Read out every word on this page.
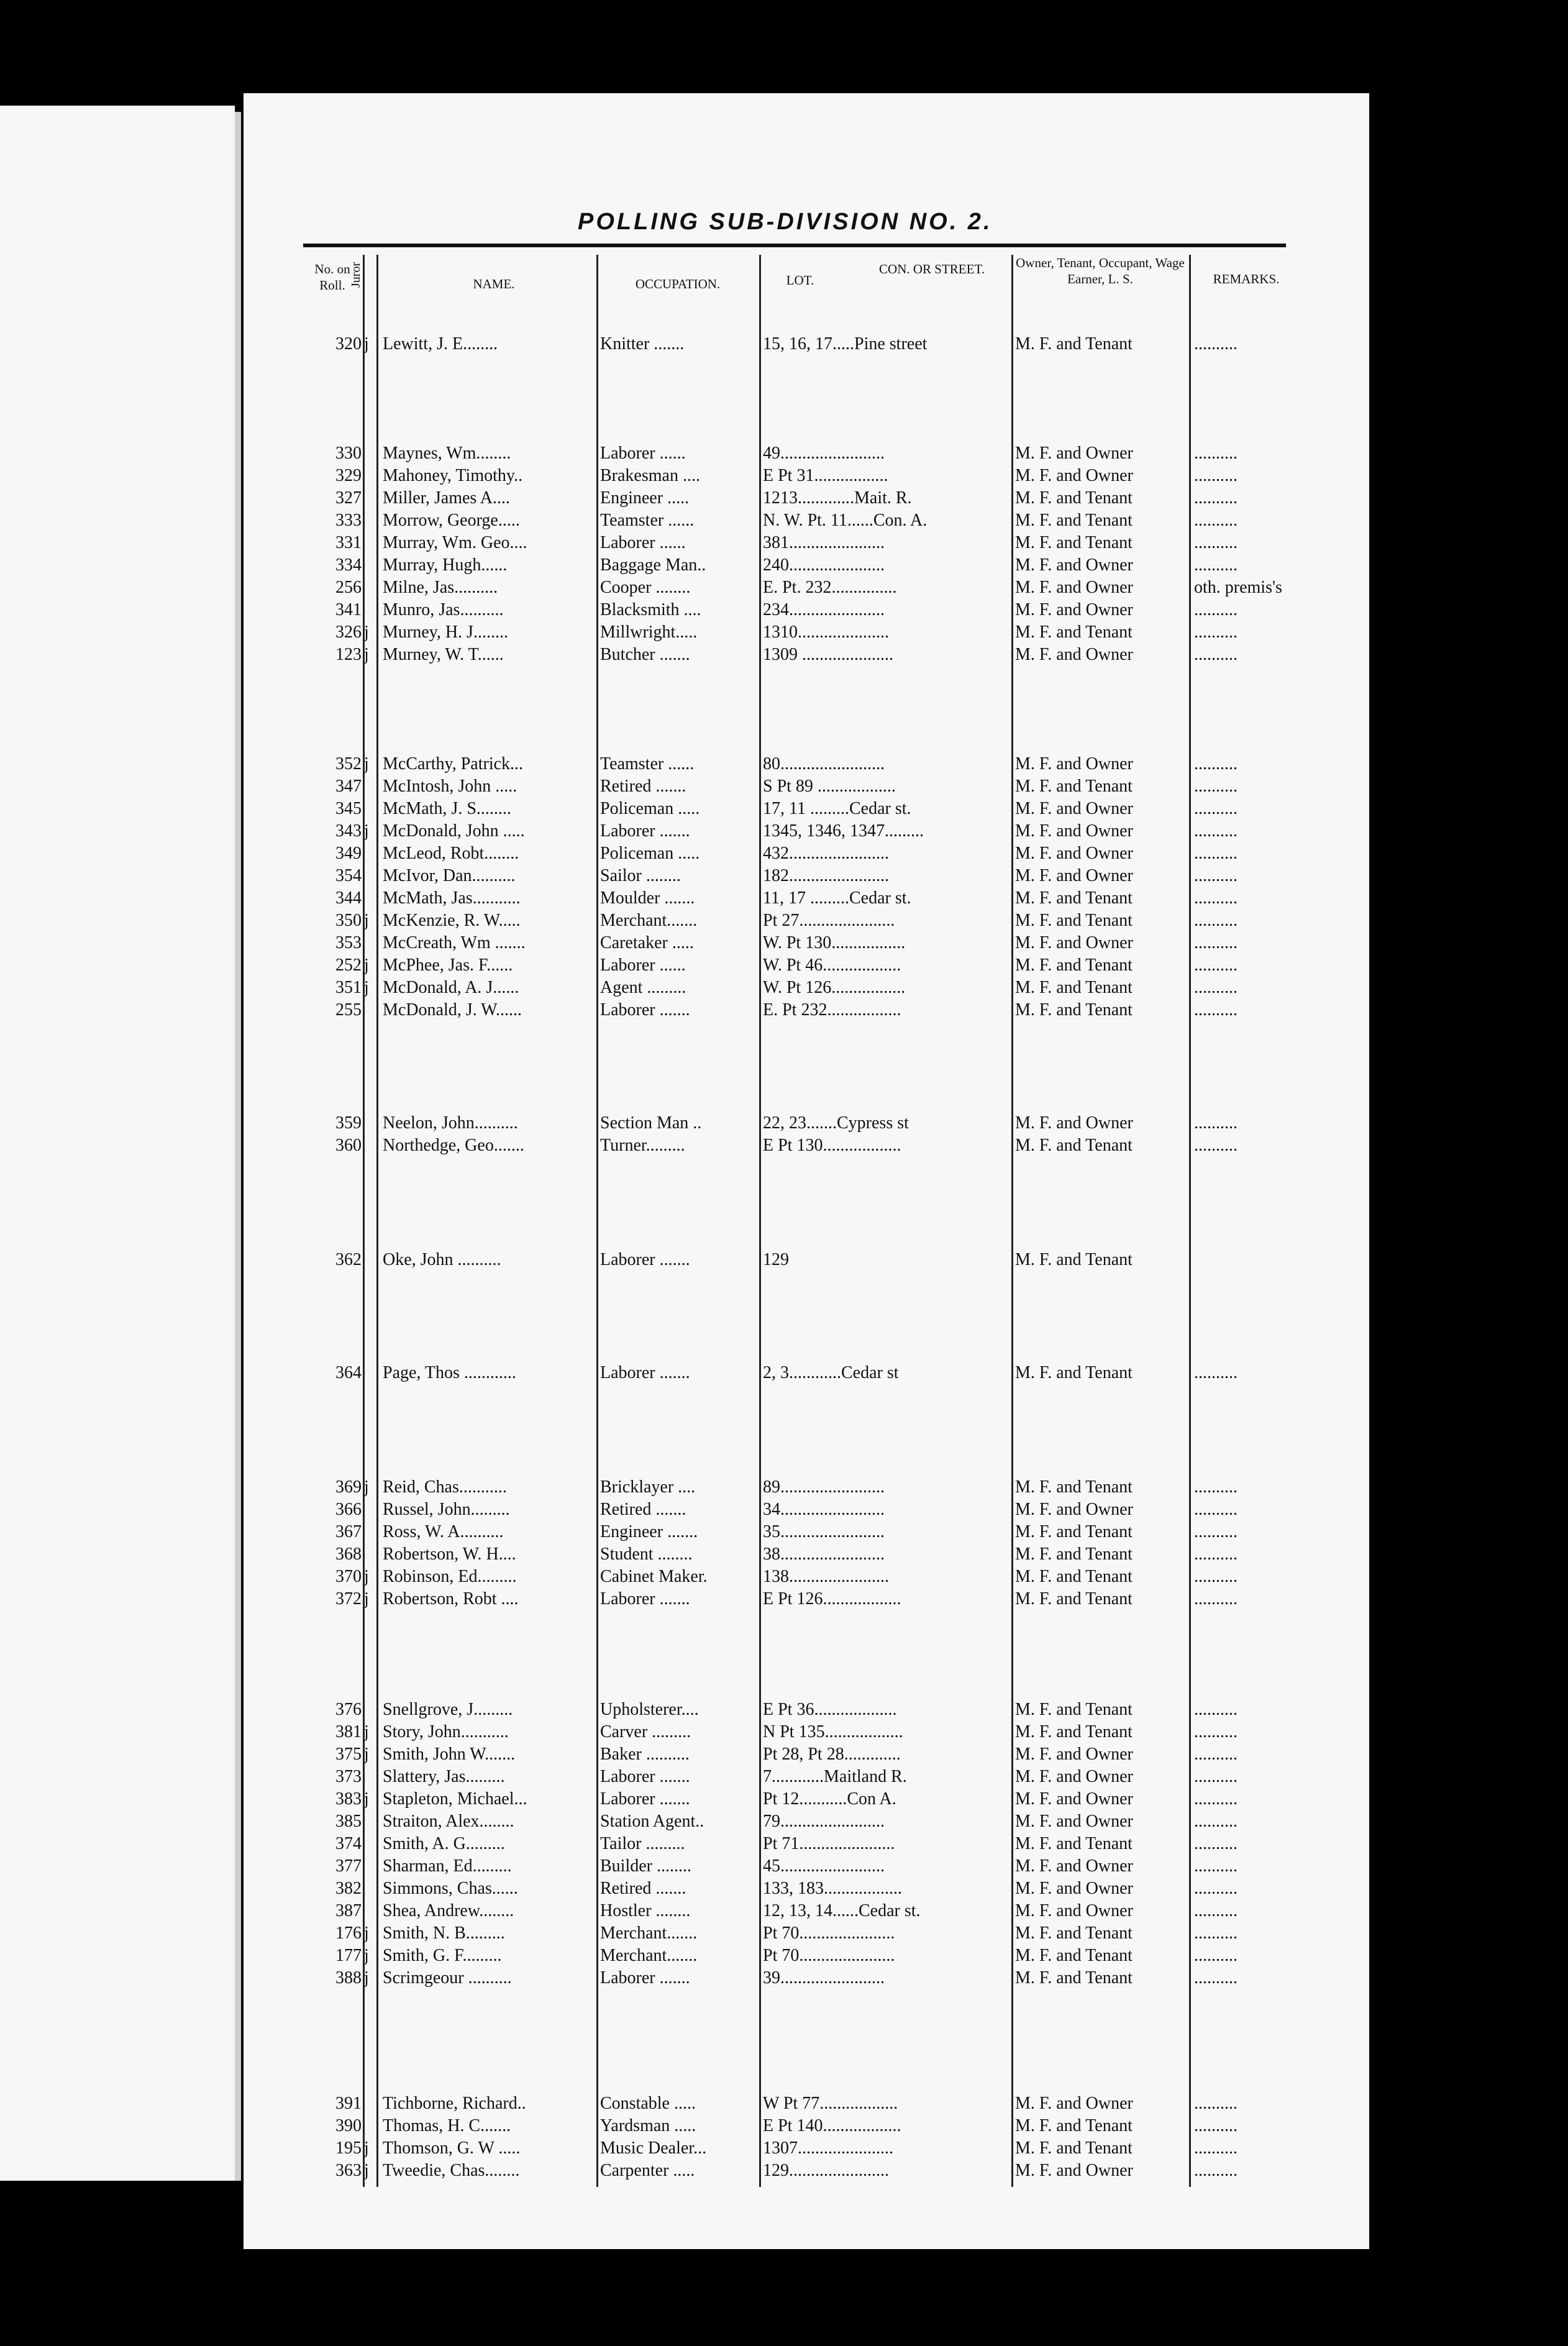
POLLING SUB-DIVISION NO. 2.
No. on Roll. Juror	NAME.	OCCUPATION.	LOT.
CON. OR STREET.	Owner, Tenant, Occupant, Wage Earner, L. S.	REMARKS.
320 j Lewitt, J. E........	Knitter .......	15, 16, 17.....Pine street	M. F. and Tenant	..........
330 Maynes, Wm........	Laborer ......	49........................	M. F. and Owner	..........
329 Mahoney, Timothy..	Brakesman ....	E Pt 31.................	M. F. and Owner	..........
327 Miller, James A....	Engineer .....	1213.............Mait. R.	M. F. and Tenant	..........
333 Morrow, George.....	Teamster ......	N. W. Pt. 11......Con. A.	M. F. and Tenant	..........
331 Murray, Wm. Geo....	Laborer ......	381......................	M. F. and Tenant	..........
334 Murray, Hugh......	Baggage Man..	240......................	M. F. and Owner	..........
256 Milne, Jas..........	Cooper ........	E. Pt. 232...............	M. F. and Owner	oth. premis's
341 Munro, Jas..........	Blacksmith ....	234......................	M. F. and Owner	..........
326 j Murney, H. J........	Millwright.....	1310.....................	M. F. and Tenant	..........
123 j Murney, W. T......	Butcher .......	1309 .....................	M. F. and Owner	..........
352 j McCarthy, Patrick...	Teamster ......	80........................	M. F. and Owner	..........
347 McIntosh, John .....	Retired .......	S Pt 89 ..................	M. F. and Tenant	..........
345 McMath, J. S........	Policeman .....	17, 11 .........Cedar st.	M. F. and Owner	..........
343 j McDonald, John .....	Laborer .......	1345, 1346, 1347.........	M. F. and Owner	..........
349 McLeod, Robt........	Policeman .....	432.......................	M. F. and Owner	..........
354 McIvor, Dan..........	Sailor ........	182.......................	M. F. and Owner	..........
344 McMath, Jas...........	Moulder .......	11, 17 .........Cedar st.	M. F. and Tenant	..........
350 j McKenzie, R. W.....	Merchant.......	Pt 27......................	M. F. and Tenant	..........
353 McCreath, Wm .......	Caretaker .....	W. Pt 130.................	M. F. and Owner	..........
252 j McPhee, Jas. F......	Laborer ......	W. Pt 46..................	M. F. and Tenant	..........
351 j McDonald, A. J......	Agent .........	W. Pt 126.................	M. F. and Tenant	..........
255 McDonald, J. W......	Laborer .......	E. Pt 232.................	M. F. and Tenant	..........
359 Neelon, John..........	Section Man ..	22, 23.......Cypress st	M. F. and Owner	..........
360 Northedge, Geo.......	Turner.........	E Pt 130..................	M. F. and Tenant	..........
362 Oke, John ..........	Laborer .......	129	M. F. and Tenant
364 Page, Thos ............	Laborer .......	2, 3............Cedar st	M. F. and Tenant	..........
369 j Reid, Chas...........	Bricklayer ....	89........................	M. F. and Tenant	..........
366 Russel, John.........	Retired .......	34........................	M. F. and Owner	..........
367 Ross, W. A..........	Engineer .......	35........................	M. F. and Tenant	..........
368 Robertson, W. H....	Student ........	38........................	M. F. and Tenant	..........
370 j Robinson, Ed.........	Cabinet Maker.	138.......................	M. F. and Tenant	..........
372 j Robertson, Robt ....	Laborer .......	E Pt 126..................	M. F. and Tenant	..........
376 Snellgrove, J.........	Upholsterer....	E Pt 36...................	M. F. and Tenant	..........
381 j Story, John...........	Carver .........	N Pt 135..................	M. F. and Tenant	..........
375 j Smith, John W.......	Baker ..........	Pt 28, Pt 28.............	M. F. and Owner	..........
373 Slattery, Jas.........	Laborer .......	7............Maitland R.	M. F. and Owner	..........
383 j Stapleton, Michael...	Laborer .......	Pt 12...........Con A.	M. F. and Owner	..........
385 Straiton, Alex........	Station Agent..	79........................	M. F. and Owner	..........
374 Smith, A. G.........	Tailor .........	Pt 71......................	M. F. and Tenant	..........
377 Sharman, Ed.........	Builder ........	45........................	M. F. and Owner	..........
382 Simmons, Chas......	Retired .......	133, 183..................	M. F. and Owner	..........
387 Shea, Andrew........	Hostler ........	12, 13, 14......Cedar st.	M. F. and Owner	..........
176 j Smith, N. B.........	Merchant.......	Pt 70......................	M. F. and Tenant	..........
177 j Smith, G. F.........	Merchant.......	Pt 70......................	M. F. and Tenant	..........
388 j Scrimgeour ..........	Laborer .......	39........................	M. F. and Tenant	..........
391 Tichborne, Richard..	Constable .....	W Pt 77..................	M. F. and Owner	..........
390 Thomas, H. C.......	Yardsman .....	E Pt 140..................	M. F. and Tenant	..........
195 j Thomson, G. W .....	Music Dealer...	1307......................	M. F. and Tenant	..........
363 j Tweedie, Chas........	Carpenter .....	129.......................	M. F. and Owner	..........
